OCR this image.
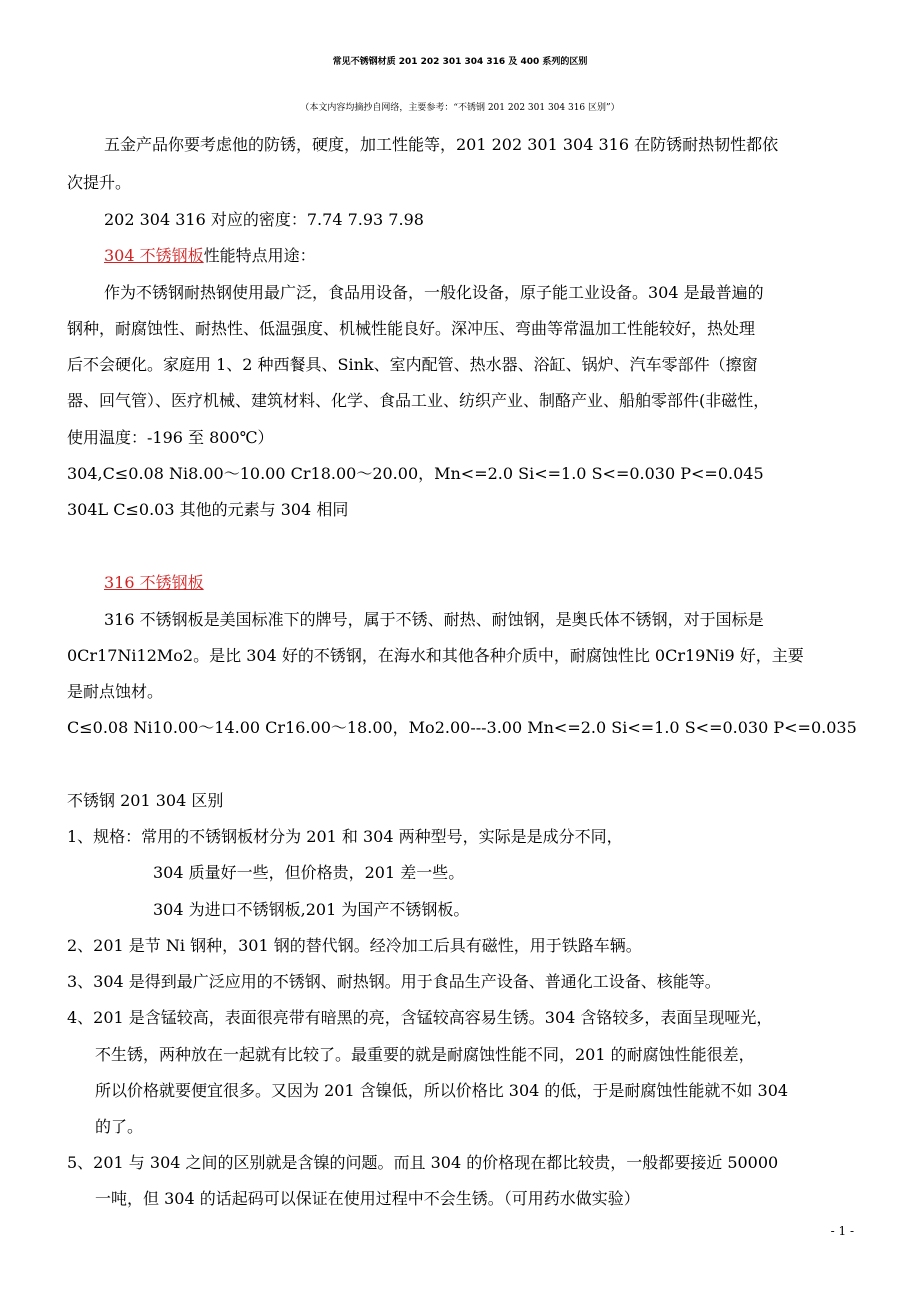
常见不锈钢材质 201 202 301 304 316 及 400 系列的区别
（本文内容均摘抄自网络，主要参考：“不锈钢 201 202 301 304 316 区别”）
五金产品你要考虑他的防锈，硬度，加工性能等，201 202 301 304 316 在防锈耐热韧性都依
次提升。
202 304 316 对应的密度：7.74 7.93 7.98
304 不锈钢板性能特点用途：
作为不锈钢耐热钢使用最广泛，食品用设备，一般化设备，原子能工业设备。304 是最普遍的
钢种，耐腐蚀性、耐热性、低温强度、机械性能良好。深冲压、弯曲等常温加工性能较好，热处理
后不会硬化。家庭用 1、2 种西餐具、Sink、室内配管、热水器、浴缸、锅炉、汽车零部件（擦窗
器、回气管）、医疗机械、建筑材料、化学、食品工业、纺织产业、制酪产业、船舶零部件(非磁性，
使用温度：-196 至 800℃）
304,C≤0.08 Ni8.00～10.00 Cr18.00～20.00，Mn<=2.0 Si<=1.0 S<=0.030 P<=0.045
304L C≤0.03 其他的元素与 304 相同
316 不锈钢板
316 不锈钢板是美国标准下的牌号，属于不锈、耐热、耐蚀钢，是奥氏体不锈钢，对于国标是
0Cr17Ni12Mo2。是比 304 好的不锈钢，在海水和其他各种介质中，耐腐蚀性比 0Cr19Ni9 好，主要
是耐点蚀材。
C≤0.08 Ni10.00～14.00 Cr16.00～18.00，Mo2.00---3.00 Mn<=2.0 Si<=1.0 S<=0.030 P<=0.035
不锈钢 201 304 区别
1、规格：常用的不锈钢板材分为 201 和 304 两种型号，实际是是成分不同，
304 质量好一些，但价格贵，201 差一些。
304 为进口不锈钢板,201 为国产不锈钢板。
2、201 是节 Ni 钢种，301 钢的替代钢。经冷加工后具有磁性，用于铁路车辆。
3、304 是得到最广泛应用的不锈钢、耐热钢。用于食品生产设备、普通化工设备、核能等。
4、201 是含锰较高，表面很亮带有暗黑的亮，含锰较高容易生锈。304 含铬较多，表面呈现哑光，
不生锈，两种放在一起就有比较了。最重要的就是耐腐蚀性能不同，201 的耐腐蚀性能很差，
所以价格就要便宜很多。又因为 201 含镍低，所以价格比 304 的低，于是耐腐蚀性能就不如 304
的了。
5、201 与 304 之间的区别就是含镍的问题。而且 304 的价格现在都比较贵，一般都要接近 50000
一吨，但 304 的话起码可以保证在使用过程中不会生锈。（可用药水做实验）
- 1 -
